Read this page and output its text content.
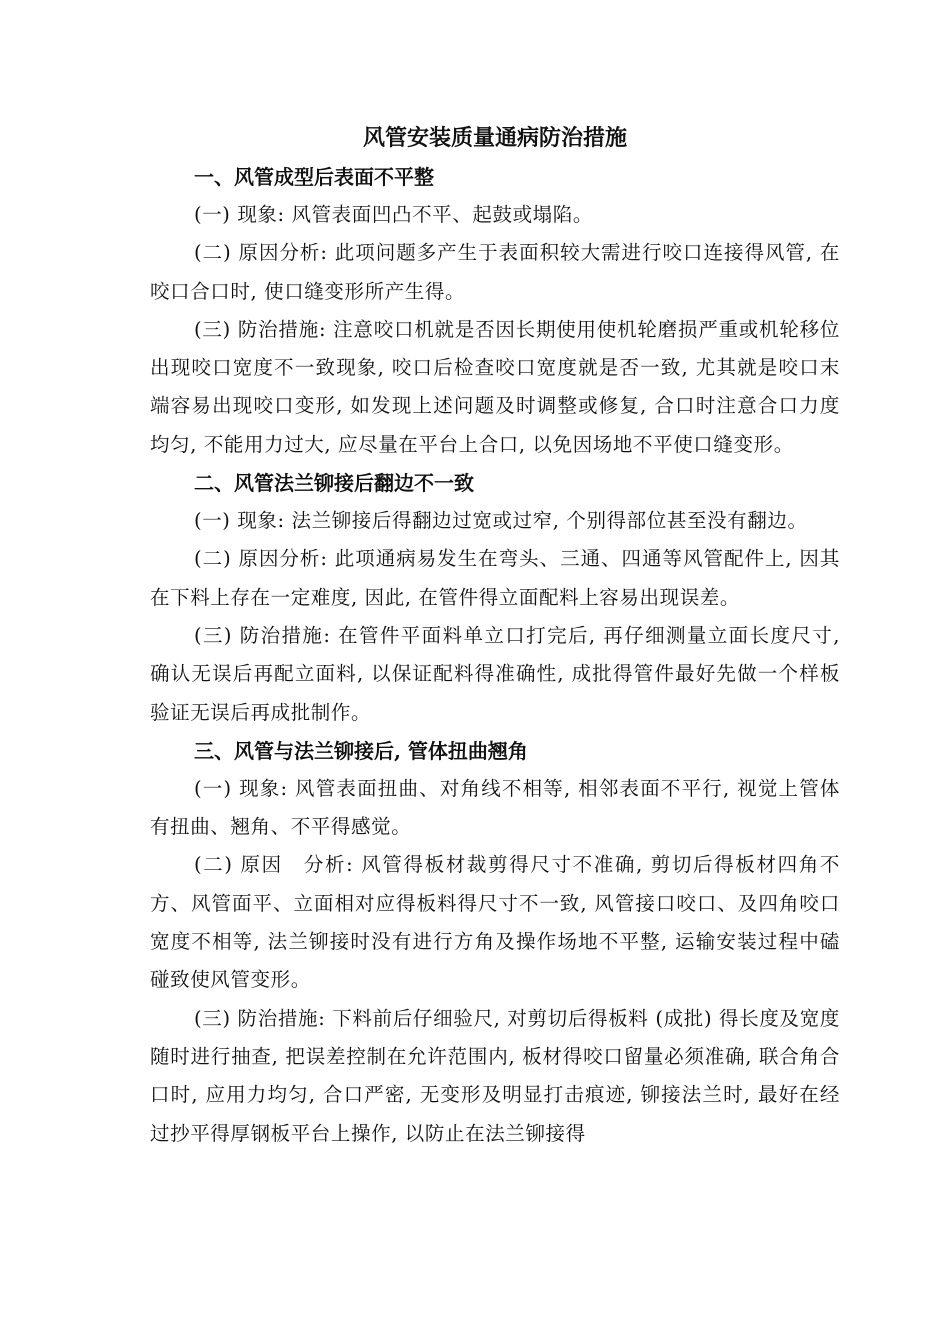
风管安装质量通病防治措施
一、风管成型后表面不平整

(一) 现象: 风管表面凹凸不平、起鼓或塌陷。

(二) 原因分析: 此项问题多产生于表面积较大需进行咬口连接得风管, 在咬口合口时, 使口缝变形所产生得。

(三) 防治措施: 注意咬口机就是否因长期使用使机轮磨损严重或机轮移位出现咬口宽度不一致现象, 咬口后检查咬口宽度就是否一致, 尤其就是咬口末端容易出现咬口变形, 如发现上述问题及时调整或修复, 合口时注意合口力度均匀, 不能用力过大, 应尽量在平台上合口, 以免因场地不平使口缝变形。

二、风管法兰铆接后翻边不一致

(一) 现象: 法兰铆接后得翻边过宽或过窄, 个别得部位甚至没有翻边。

(二) 原因分析: 此项通病易发生在弯头、三通、四通等风管配件上, 因其在下料上存在一定难度, 因此, 在管件得立面配料上容易出现误差。

(三) 防治措施: 在管件平面料单立口打完后, 再仔细测量立面长度尺寸, 确认无误后再配立面料, 以保证配料得准确性, 成批得管件最好先做一个样板验证无误后再成批制作。

三、风管与法兰铆接后, 管体扭曲翘角

(一) 现象: 风管表面扭曲、对角线不相等, 相邻表面不平行, 视觉上管体有扭曲、翘角、不平得感觉。

(二) 原因　分析: 风管得板材裁剪得尺寸不准确, 剪切后得板材四角不方、风管面平、立面相对应得板料得尺寸不一致, 风管接口咬口、及四角咬口宽度不相等, 法兰铆接时没有进行方角及操作场地不平整, 运输安装过程中磕碰致使风管变形。

(三) 防治措施: 下料前后仔细验尺, 对剪切后得板料 (成批) 得长度及宽度随时进行抽查, 把误差控制在允许范围内, 板材得咬口留量必须准确, 联合角合口时, 应用力均匀, 合口严密, 无变形及明显打击痕迹, 铆接法兰时, 最好在经过抄平得厚钢板平台上操作, 以防止在法兰铆接得
